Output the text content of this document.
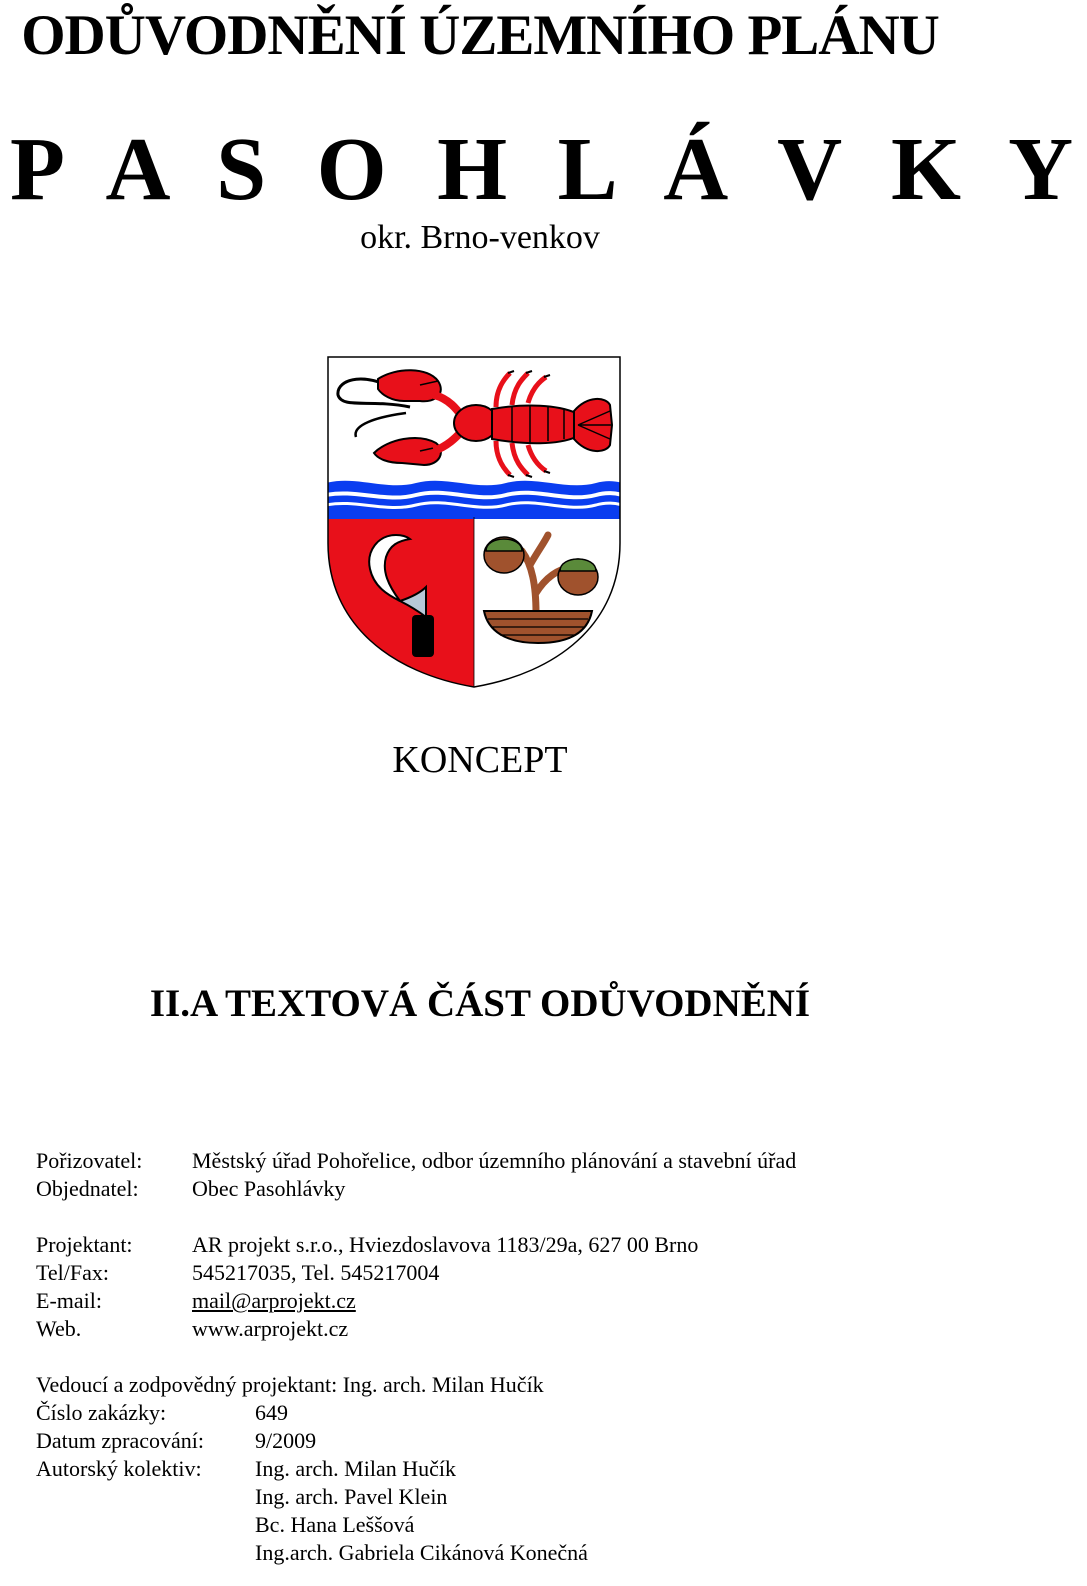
ODŮVODNĚNÍ ÚZEMNÍHO PLÁNU
P A S O H L Á V K Y
okr. Brno-venkov
KONCEPT
II.A TEXTOVÁ ČÁST ODŮVODNĚNÍ
Pořizovatel: Městský úřad Pohořelice, odbor územního plánování a stavební úřad
Objednatel: Obec Pasohlávky
Projektant:	AR projekt s.r.o., Hviezdoslavova 1183/29a, 627 00 Brno
Tel/Fax:	545217035, Tel. 545217004
E-mail:	mail@arprojekt.cz
Web.	www.arprojekt.cz
Vedoucí a zodpovědný projektant: Ing. arch. Milan Hučík
Číslo zakázky:	649
Datum zpracování: 9/2009
Autorský kolektiv: Ing. arch. Milan Hučík
Ing. arch. Pavel Klein
Bc. Hana Leššová
Ing.arch. Gabriela Cikánová Konečná
